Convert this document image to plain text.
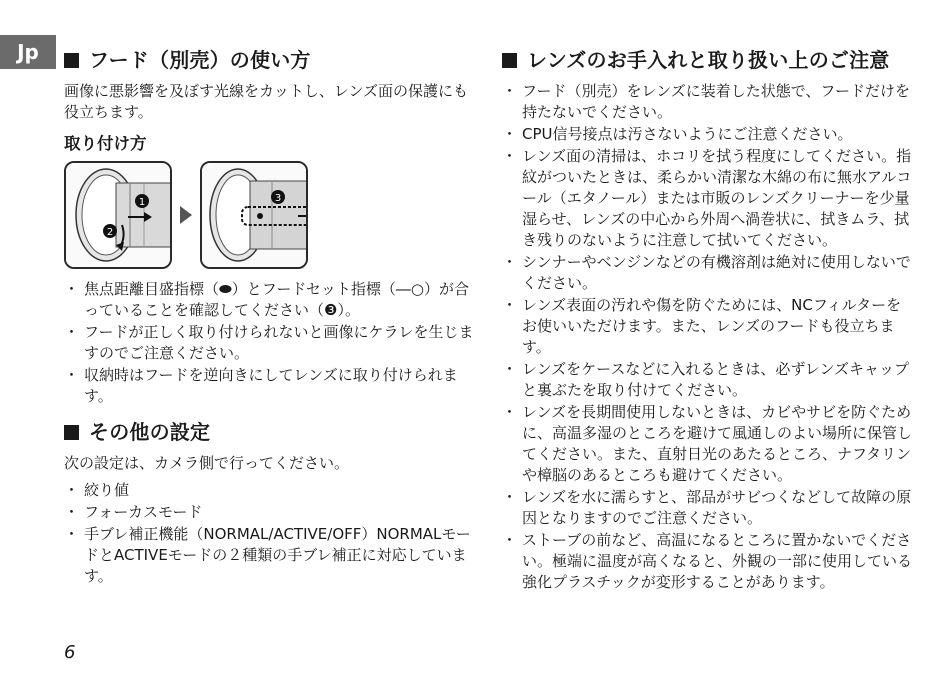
Jp	フード（別売）の使い方

画像に悪影響を及ぼす光線をカットし、レンズ面の保護にも役立ちます。

取り付け方
1
2
3
・ 焦点距離目盛指標（⬬）とフードセット指標（―○）が合っていることを確認してください（❸）。
・ フードが正しく取り付けられないと画像にケラレを生じますのでご注意ください。
・ 収納時はフードを逆向きにしてレンズに取り付けられます。
その他の設定

次の設定は、カメラ側で行ってください。

・ 絞り値
・ フォーカスモード
・ 手ブレ補正機能（NORMAL/ACTIVE/OFF）NORMALモードとACTIVEモードの２種類の手ブレ補正に対応しています。
レンズのお手入れと取り扱い上のご注意
・ フード（別売）をレンズに装着した状態で、フードだけを持たないでください。
・ CPU信号接点は汚さないようにご注意ください。
・ レンズ面の清掃は、ホコリを拭う程度にしてください。指紋がついたときは、柔らかい清潔な木綿の布に無水アルコール（エタノール）または市販のレンズクリーナーを少量湿らせ、レンズの中心から外周へ渦巻状に、拭きムラ、拭き残りのないように注意して拭いてください。
・ シンナーやベンジンなどの有機溶剤は絶対に使用しないでください。
・ レンズ表面の汚れや傷を防ぐためには、NCフィルターをお使いいただけます。また、レンズのフードも役立ちます。
・ レンズをケースなどに入れるときは、必ずレンズキャップと裏ぶたを取り付けてください。
・ レンズを長期間使用しないときは、カビやサビを防ぐために、高温多湿のところを避けて風通しのよい場所に保管してください。また、直射日光のあたるところ、ナフタリンや樟脳のあるところも避けてください。
・ レンズを水に濡らすと、部品がサビつくなどして故障の原因となりますのでご注意ください。
・ ストーブの前など、高温になるところに置かないでください。極端に温度が高くなると、外観の一部に使用している強化プラスチックが変形することがあります。
6
